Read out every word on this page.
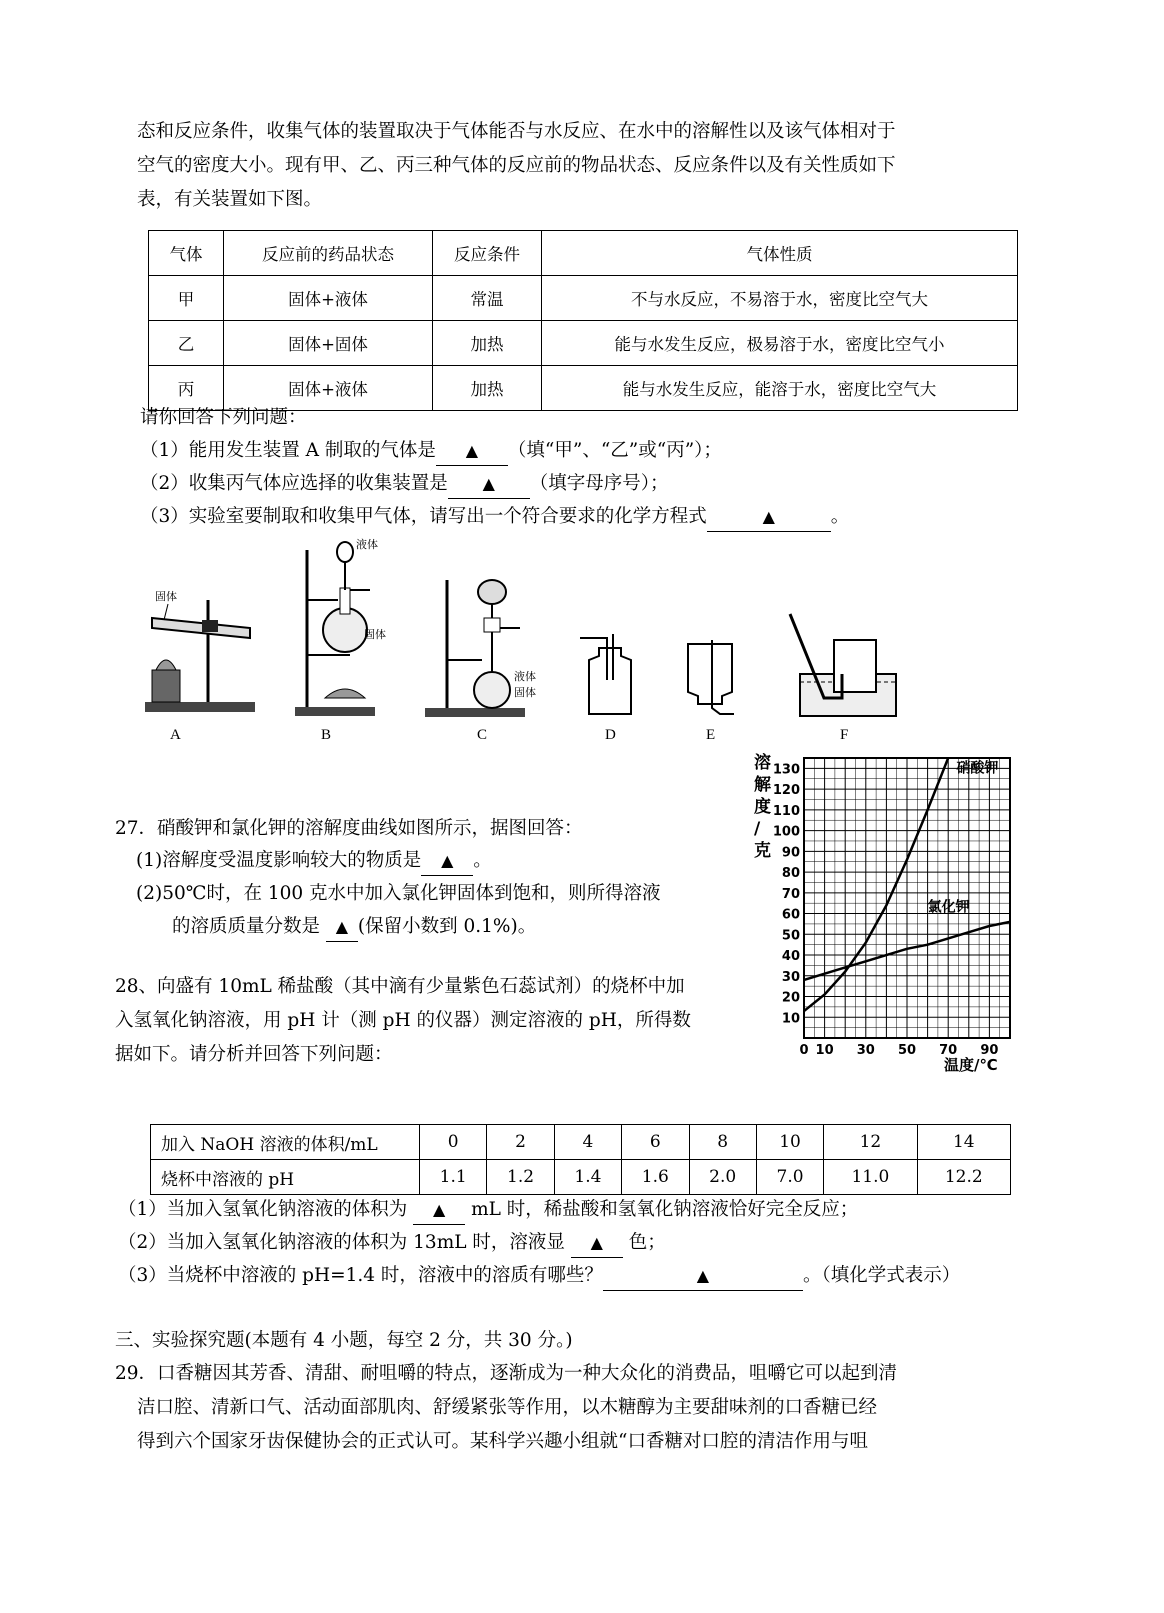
态和反应条件，收集气体的装置取决于气体能否与水反应、在水中的溶解性以及该气体相对于
空气的密度大小。现有甲、乙、丙三种气体的反应前的物品状态、反应条件以及有关性质如下
表，有关装置如下图。
气体	反应前的药品状态	反应条件	气体性质
甲	固体+液体	常温	不与水反应，不易溶于水，密度比空气大
乙	固体+固体	加热	能与水发生反应，极易溶于水，密度比空气小
丙	固体+液体	加热	能与水发生反应，能溶于水，密度比空气大
请你回答下列问题：
（1）能用发生装置 A 制取的气体是 ▲ （填“甲”、“乙”或“丙”）；
（2）收集丙气体应选择的收集装置是 ▲ （填字母序号）；
（3）实验室要制取和收集甲气体，请写出一个符合要求的化学方程式	▲	。
固体
A
液体
固体
B
液体
固体
C	D	E	F
27．硝酸钾和氯化钾的溶解度曲线如图所示，据图回答：
(1)溶解度受温度影响较大的物质是 ▲ 。
(2)50℃时，在 100 克水中加入氯化钾固体到饱和，则所得溶液
的溶质质量分数是 ▲ (保留小数到 0.1%)。
溶解度/克
温度/℃
10
20
30
40
50
60
70
80
90
100
110
120
130
0 10 30 50 70 90
硝酸钾
氯化钾
28、向盛有 10mL 稀盐酸（其中滴有少量紫色石蕊试剂）的烧杯中加
入氢氧化钠溶液，用 pH 计（测 pH 的仪器）测定溶液的 pH，所得数
据如下。请分析并回答下列问题：
加入 NaOH 溶液的体积/mL	0	2	4	6	8	10	12	14
烧杯中溶液的 pH	1.1	1.2	1.4	1.6	2.0	7.0	11.0	12.2
（1）当加入氢氧化钠溶液的体积为 ▲ mL 时，稀盐酸和氢氧化钠溶液恰好完全反应；
（2）当加入氢氧化钠溶液的体积为 13mL 时，溶液显 ▲ 色；
（3）当烧杯中溶液的 pH=1.4 时，溶液中的溶质有哪些？	▲	。（填化学式表示）
三、实验探究题(本题有 4 小题，每空 2 分，共 30 分。)
29．口香糖因其芳香、清甜、耐咀嚼的特点，逐渐成为一种大众化的消费品，咀嚼它可以起到清
洁口腔、清新口气、活动面部肌肉、舒缓紧张等作用，以木糖醇为主要甜味剂的口香糖已经
得到六个国家牙齿保健协会的正式认可。某科学兴趣小组就“口香糖对口腔的清洁作用与咀
